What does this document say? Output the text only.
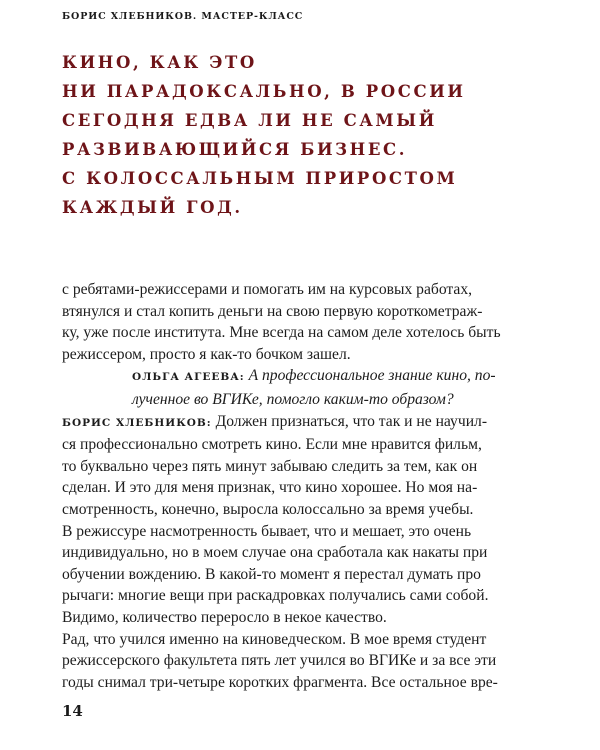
БОРИС ХЛЕБНИКОВ. МАСТЕР-КЛАСС
КИНО, КАК ЭТО
НИ ПАРАДОКСАЛЬНО, В РОССИИ
СЕГОДНЯ ЕДВА ЛИ НЕ САМЫЙ
РАЗВИВАЮЩИЙСЯ БИЗНЕС.
С КОЛОССАЛЬНЫМ ПРИРОСТОМ
КАЖДЫЙ ГОД.
с ребятами-режиссерами и помогать им на курсовых работах,
втянулся и стал копить деньги на свою первую короткометраж-
ку, уже после института. Мне всегда на самом деле хотелось быть
режиссером, просто я как-то бочком зашел.
ОЛЬГА АГЕЕВА: А профессиональное знание кино, по-
лученное во ВГИКе, помогло каким-то образом?
БОРИС ХЛЕБНИКОВ: Должен признаться, что так и не научил-
ся профессионально смотреть кино. Если мне нравится фильм,
то буквально через пять минут забываю следить за тем, как он
сделан. И это для меня признак, что кино хорошее. Но моя на-
смотренность, конечно, выросла колоссально за время учебы.
В режиссуре насмотренность бывает, что и мешает, это очень
индивидуально, но в моем случае она сработала как накаты при
обучении вождению. В какой-то момент я перестал думать про
рычаги: многие вещи при раскадровках получались сами собой.
Видимо, количество переросло в некое качество.
Рад, что учился именно на киноведческом. В мое время студент
режиссерского факультета пять лет учился во ВГИКе и за все эти
годы снимал три-четыре коротких фрагмента. Все остальное вре-
14
